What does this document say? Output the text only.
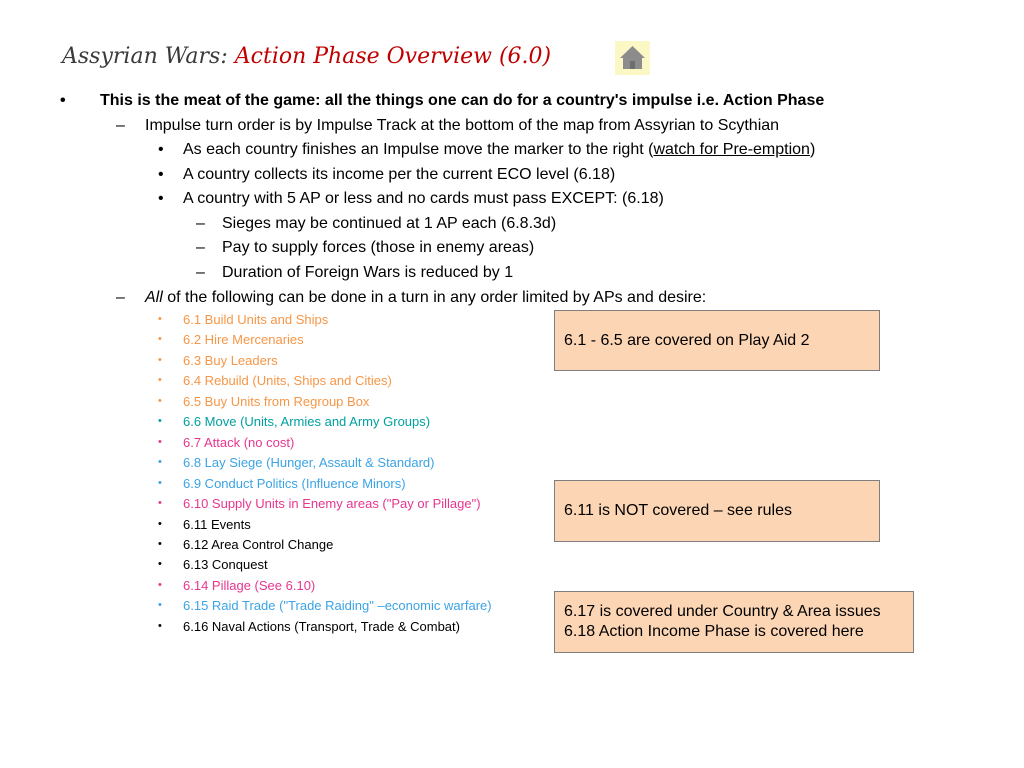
Assyrian Wars: Action Phase Overview (6.0)
• This is the meat of the game: all the things one can do for a country's impulse i.e. Action Phase
– Impulse turn order is by Impulse Track at the bottom of the map from Assyrian to Scythian
• As each country finishes an Impulse move the marker to the right (watch for Pre-emption)
• A country collects its income per the current ECO level (6.18)
• A country with 5 AP or less and no cards must pass EXCEPT: (6.18)
– Sieges may be continued at 1 AP each (6.8.3d)
– Pay to supply forces (those in enemy areas)
– Duration of Foreign Wars is reduced by 1
– All of the following can be done in a turn in any order limited by APs and desire:
• 6.1 Build Units and Ships
• 6.2 Hire Mercenaries
• 6.3 Buy Leaders
• 6.4 Rebuild (Units, Ships and Cities)
• 6.5 Buy Units from Regroup Box
• 6.6 Move (Units, Armies and Army Groups)
• 6.7 Attack (no cost)
• 6.8 Lay Siege (Hunger, Assault & Standard)
• 6.9 Conduct Politics (Influence Minors)
• 6.10 Supply Units in Enemy areas ("Pay or Pillage")
• 6.11 Events
• 6.12 Area Control Change
• 6.13 Conquest
• 6.14 Pillage (See 6.10)
• 6.15 Raid Trade ("Trade Raiding" –economic warfare)
• 6.16 Naval Actions (Transport, Trade & Combat)
6.1 - 6.5 are covered on Play Aid 2
6.11 is NOT covered – see rules
6.17 is covered under Country & Area issues
6.18 Action Income Phase is covered here
